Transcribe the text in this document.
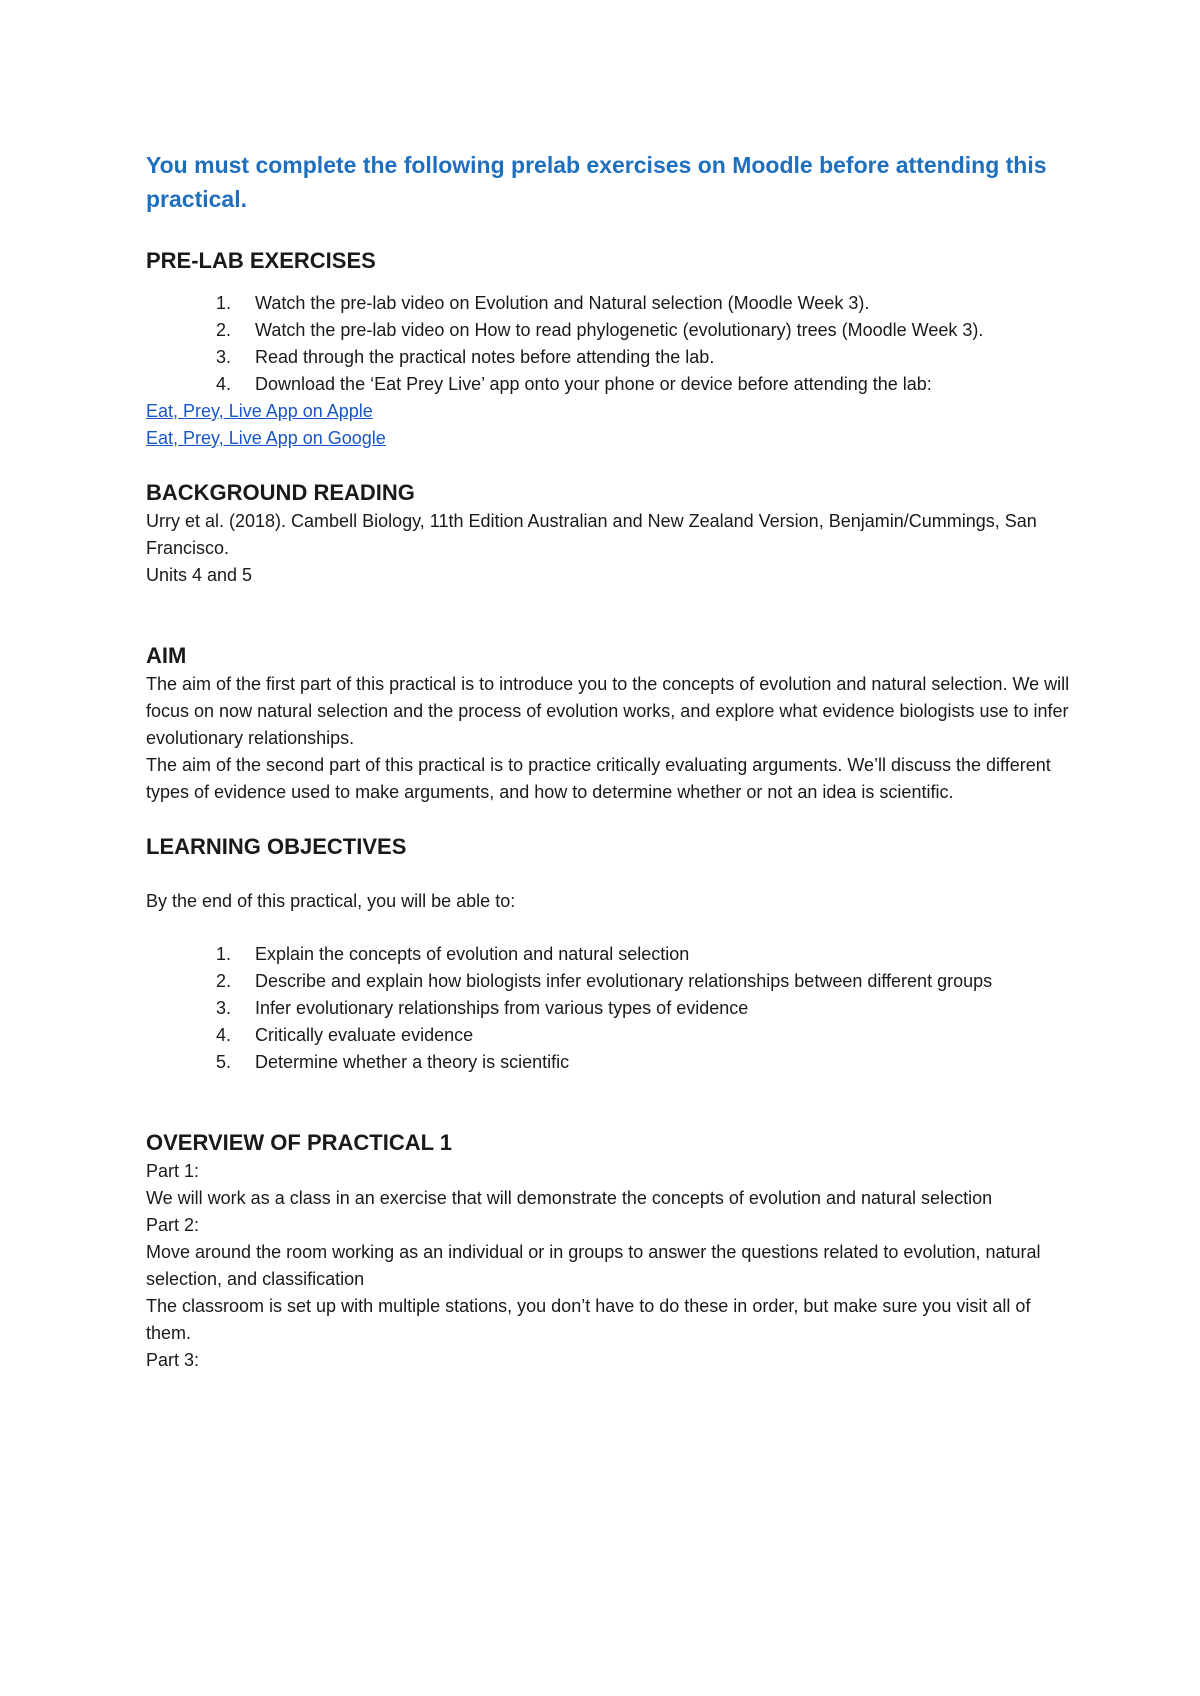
You must complete the following prelab exercises on Moodle before attending this practical.

PRE-LAB EXERCISES
1. Watch the pre-lab video on Evolution and Natural selection (Moodle Week 3).
2. Watch the pre-lab video on How to read phylogenetic (evolutionary) trees (Moodle Week 3).
3. Read through the practical notes before attending the lab.
4. Download the ‘Eat Prey Live’ app onto your phone or device before attending the lab:
Eat, Prey, Live App on Apple
Eat, Prey, Live App on Google
BACKGROUND READING

Urry et al. (2018). Cambell Biology, 11th Edition Australian and New Zealand Version, Benjamin/Cummings, San Francisco.

Units 4 and 5

AIM

The aim of the first part of this practical is to introduce you to the concepts of evolution and natural selection. We will focus on now natural selection and the process of evolution works, and explore what evidence biologists use to infer evolutionary relationships.

The aim of the second part of this practical is to practice critically evaluating arguments. We’ll discuss the different types of evidence used to make arguments, and how to determine whether or not an idea is scientific.

LEARNING OBJECTIVES

By the end of this practical, you will be able to:

1. Explain the concepts of evolution and natural selection
2. Describe and explain how biologists infer evolutionary relationships between different groups
3. Infer evolutionary relationships from various types of evidence
4. Critically evaluate evidence
5. Determine whether a theory is scientific
OVERVIEW OF PRACTICAL 1

Part 1:

We will work as a class in an exercise that will demonstrate the concepts of evolution and natural selection

Part 2:

Move around the room working as an individual or in groups to answer the questions related to evolution, natural selection, and classification

The classroom is set up with multiple stations, you don’t have to do these in order, but make sure you visit all of them.

Part 3:
